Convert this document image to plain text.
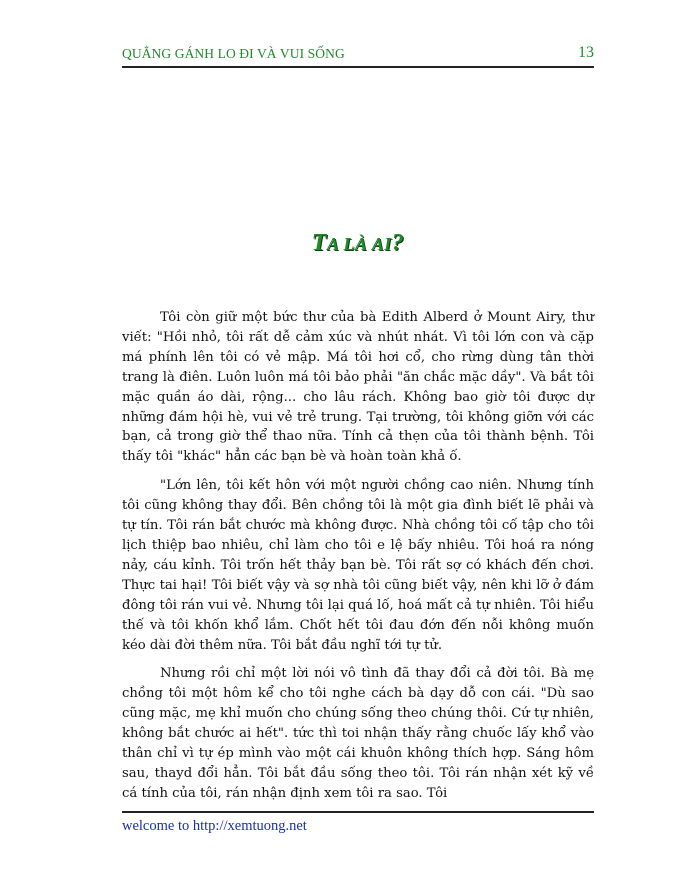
QUẲNG GÁNH LO ĐI VÀ VUI SỐNG	13
TA LÀ AI?

Tôi còn giữ một bức thư của bà Edith Alberd ở Mount Airy, thư viết: "Hồi nhỏ, tôi rất dễ cảm xúc và nhút nhát. Vì tôi lớn con và cặp má phính lên tôi có vẻ mập. Má tôi hơi cổ, cho rừng dùng tân thời trang là điên. Luôn luôn má tôi bảo phải "ăn chắc mặc dầy". Và bắt tôi mặc quần áo dài, rộng... cho lâu rách. Không bao giờ tôi được dự những đám hội hè, vui vẻ trẻ trung. Tại trường, tôi không giỡn với các bạn, cả trong giờ thể thao nữa. Tính cả thẹn của tôi thành bệnh. Tôi thấy tôi "khác" hẳn các bạn bè và hoàn toàn khả ố.

"Lớn lên, tôi kết hôn với một người chồng cao niên. Nhưng tính tôi cũng không thay đổi. Bên chồng tôi là một gia đình biết lẽ phải và tự tín. Tôi rán bắt chước mà không được. Nhà chồng tôi cố tập cho tôi lịch thiệp bao nhiêu, chỉ làm cho tôi e lệ bấy nhiêu. Tôi hoá ra nóng nảy, cáu kỉnh. Tôi trốn hết thảy bạn bè. Tôi rất sợ có khách đến chơi. Thực tai hại! Tôi biết vậy và sợ nhà tôi cũng biết vậy, nên khi lỡ ở đám đông tôi rán vui vẻ. Nhưng tôi lại quá lố, hoá mất cả tự nhiên. Tôi hiểu thế và tôi khốn khổ lắm. Chốt hết tôi đau đớn đến nỗi không muốn kéo dài đời thêm nữa. Tôi bắt đầu nghĩ tới tự tử.

Nhưng rồi chỉ một lời nói vô tình đã thay đổi cả đời tôi. Bà mẹ chồng tôi một hôm kể cho tôi nghe cách bà dạy dỗ con cái. "Dù sao cũng mặc, mẹ khỉ muốn cho chúng sống theo chúng thôi. Cứ tự nhiên, không bắt chước ai hết". tức thì toi nhận thấy rằng chuốc lấy khổ vào thân chỉ vì tự ép mình vào một cái khuôn không thích hợp. Sáng hôm sau, thayd đổi hẳn. Tôi bắt đầu sống theo tôi. Tôi rán nhận xét kỹ về cá tính của tôi, rán nhận định xem tôi ra sao. Tôi

welcome to http://xemtuong.net
